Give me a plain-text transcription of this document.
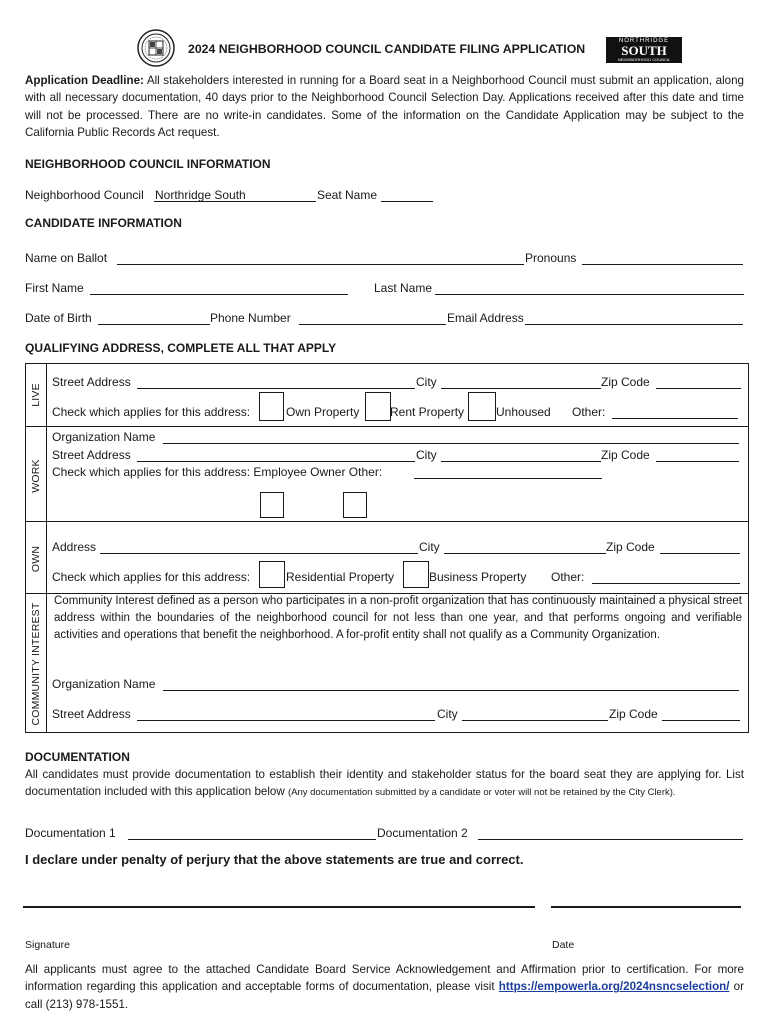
2024 NEIGHBORHOOD COUNCIL CANDIDATE FILING APPLICATION
NORTHRIDGE
SOUTH
NEIGHBORHOOD COUNCIL
Application Deadline: All stakeholders interested in running for a Board seat in a Neighborhood Council must submit an application, along with all necessary documentation, 40 days prior to the Neighborhood Council Selection Day. Applications received after this date and time will not be processed. There are no write-in candidates. Some of the information on the Candidate Application may be subject to the California Public Records Act request.
NEIGHBORHOOD COUNCIL INFORMATION
Neighborhood Council Northridge South	Seat Name
CANDIDATE INFORMATION
Name on Ballot	Pronouns
First Name	Last Name
Date of Birth	Phone Number	Email Address
QUALIFYING ADDRESS, COMPLETE ALL THAT APPLY
LIVE
Street Address	City	Zip Code
Check which applies for this address:	Own Property	Rent Property	Unhoused Other:
WORK
Organization Name
Street Address	City	Zip Code
Check which applies for this address: Employee Owner Other:
OWN Address	City	Zip Code
Check which applies for this address:	Residential Property	Business Property Other:
COMMUNITY INTEREST
Community Interest defined as a person who participates in a non-profit organization that has continuously maintained a physical street address within the boundaries of the neighborhood council for not less than one year, and that performs ongoing and verifiable activities and operations that benefit the neighborhood. A for-profit entity shall not qualify as a Community Organization.
Organization Name
Street Address	City	Zip Code
DOCUMENTATION
All candidates must provide documentation to establish their identity and stakeholder status for the board seat they are applying for. List documentation included with this application below (Any documentation submitted by a candidate or voter will not be retained by the City Clerk).
Documentation 1	Documentation 2
I declare under penalty of perjury that the above statements are true and correct.
Signature	Date
All applicants must agree to the attached Candidate Board Service Acknowledgement and Affirmation prior to certification. For more information regarding this application and acceptable forms of documentation, please visit https://empowerla.org/2024nsncselection/ or call (213) 978-1551.
